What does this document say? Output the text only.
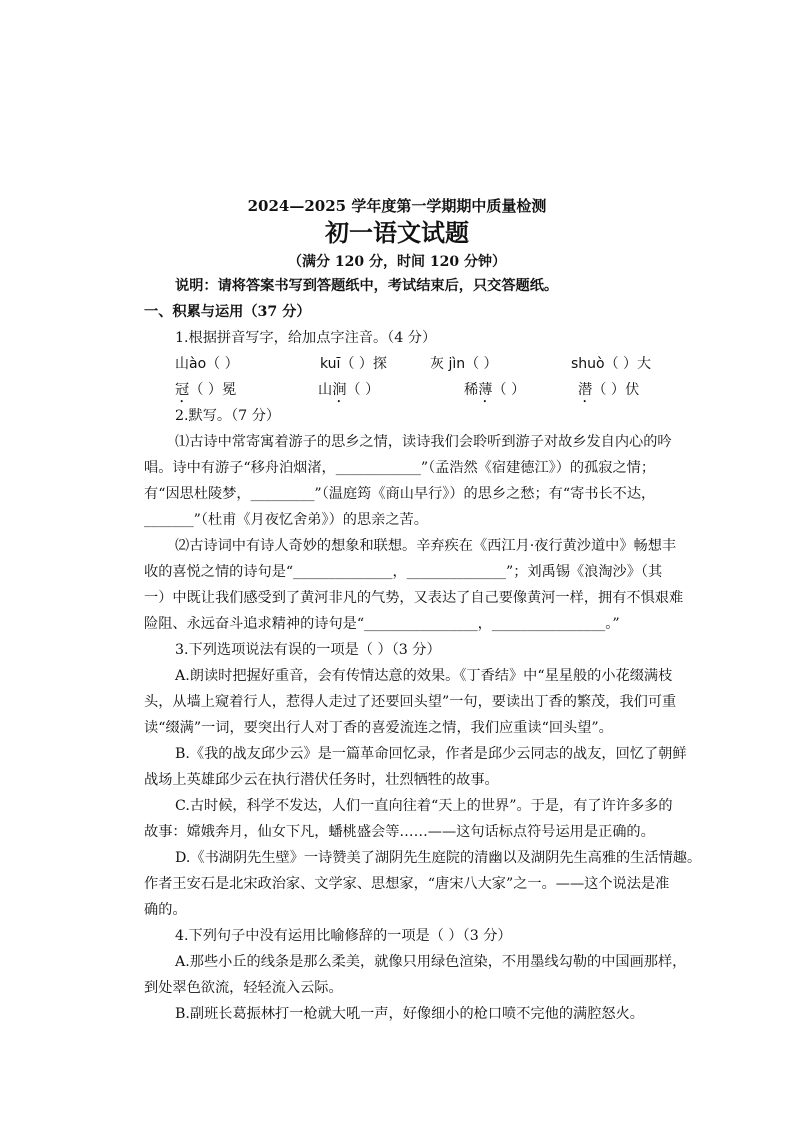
2024—2025 学年度第一学期期中质量检测
初一语文试题
（满分 120 分，时间 120 分钟）
说明：请将答案书写到答题纸中，考试结束后，只交答题纸。
一、积累与运用（37 分）
1.根据拼音写字，给加点字注音。（4 分）
山ào（ ）	kuī（ ）探	灰 jìn（ ）	shuò（ ）大
冠（ ）冕	山涧（ ）	稀薄（ ）	潜（ ）伏
2.默写。（7 分）
⑴古诗中常寄寓着游子的思乡之情，读诗我们会聆听到游子对故乡发自内心的吟
唱。诗中有游子“移舟泊烟渚，____________”（孟浩然《宿建德江》）的孤寂之情；
有“因思杜陵梦，_________”（温庭筠《商山早行》）的思乡之愁；有“寄书长不达，
_______”（杜甫《月夜忆舍弟》）的思亲之苦。
⑵古诗词中有诗人奇妙的想象和联想。辛弃疾在《西江月·夜行黄沙道中》畅想丰
收的喜悦之情的诗句是“______________，______________”；刘禹锡《浪淘沙》（其
一）中既让我们感受到了黄河非凡的气势，又表达了自己要像黄河一样，拥有不惧艰难
险阻、永远奋斗追求精神的诗句是“________________，________________。”
3.下列选项说法有误的一项是（ ）（3 分）
A.朗读时把握好重音，会有传情达意的效果。《丁香结》中“星星般的小花缀满枝
头，从墙上窥着行人，惹得人走过了还要回头望”一句，要读出丁香的繁茂，我们可重
读“缀满”一词，要突出行人对丁香的喜爱流连之情，我们应重读“回头望”。
B.《我的战友邱少云》是一篇革命回忆录，作者是邱少云同志的战友，回忆了朝鲜
战场上英雄邱少云在执行潜伏任务时，壮烈牺牲的故事。
C.古时候，科学不发达，人们一直向往着“天上的世界”。于是，有了许许多多的
故事：嫦娥奔月，仙女下凡，蟠桃盛会等……——这句话标点符号运用是正确的。
D.《书湖阴先生壁》一诗赞美了湖阴先生庭院的清幽以及湖阴先生高雅的生活情趣。
作者王安石是北宋政治家、文学家、思想家，“唐宋八大家”之一。——这个说法是准
确的。
4.下列句子中没有运用比喻修辞的一项是（ ）（3 分）
A.那些小丘的线条是那么柔美，就像只用绿色渲染，不用墨线勾勒的中国画那样，
到处翠色欲流，轻轻流入云际。
B.副班长葛振林打一枪就大吼一声，好像细小的枪口喷不完他的满腔怒火。
